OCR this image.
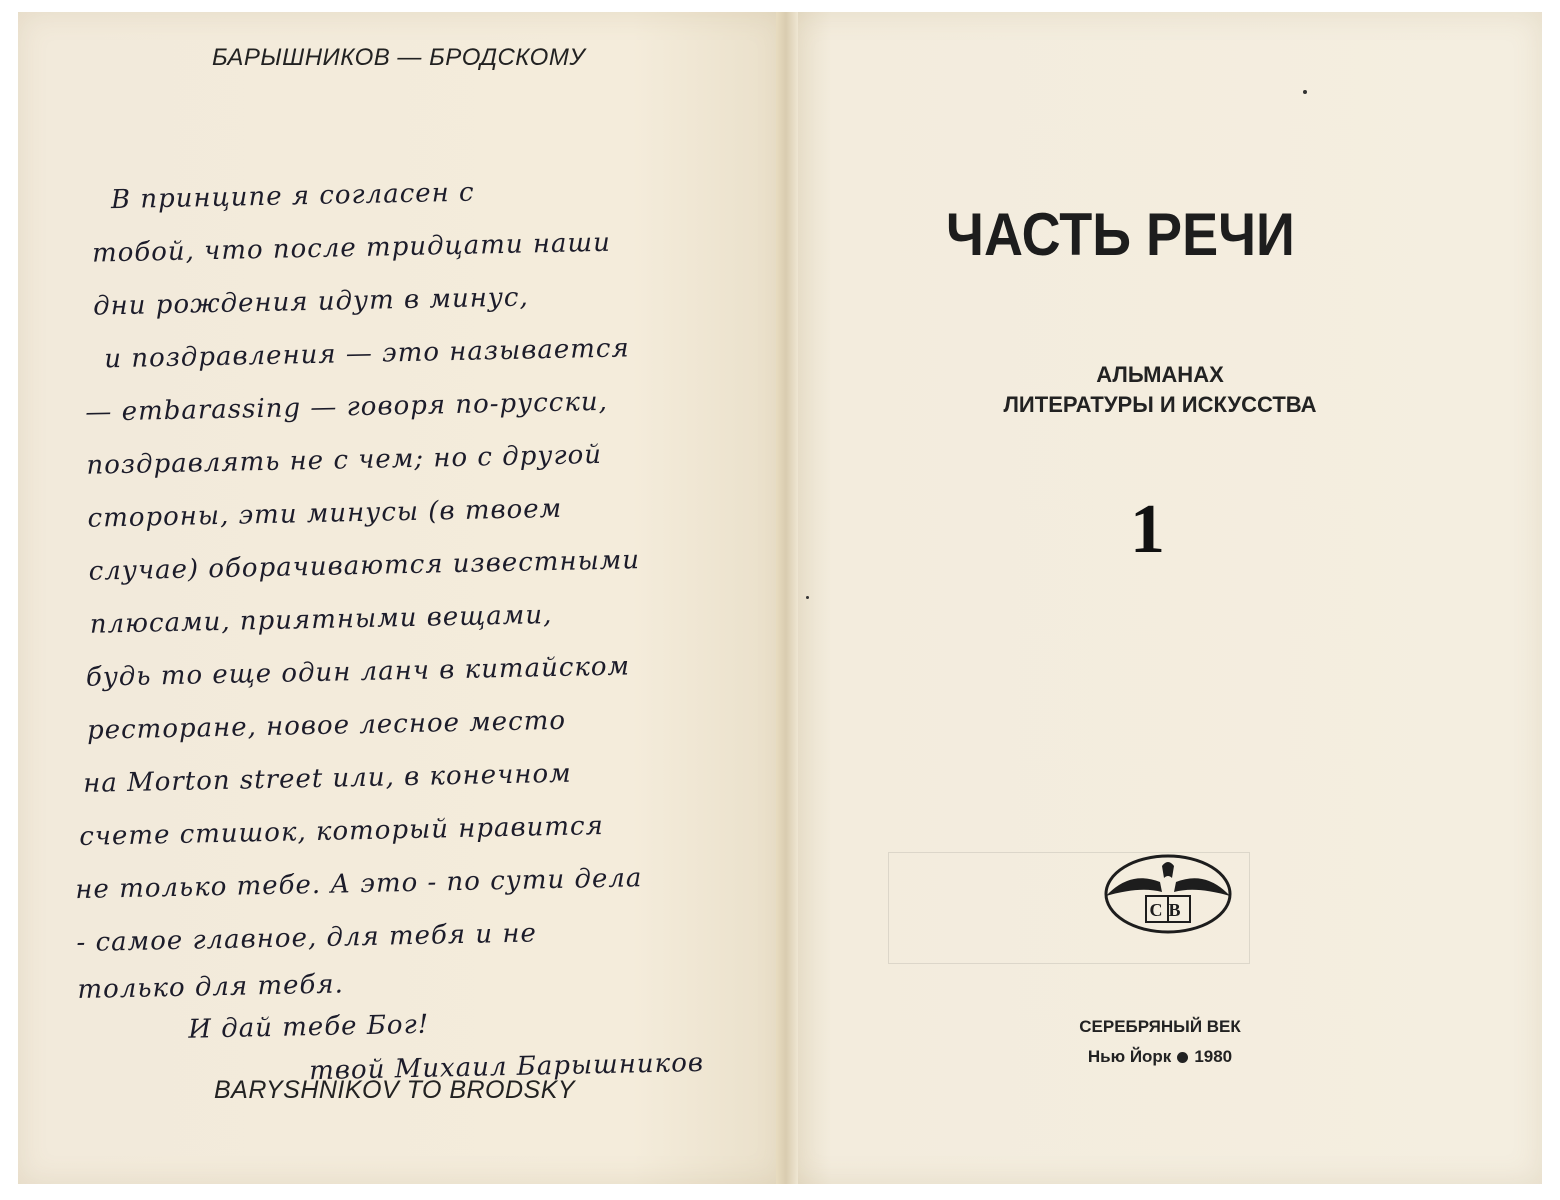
БАРЫШНИКОВ — БРОДСКОМУ
В принципе я согласен с
тобой, что после тридцати наши
дни рождения идут в минус,
и поздравления — это называется
— embarassing — говоря по-русски,
поздравлять не с чем; но с другой
стороны, эти минусы (в твоем
случае) оборачиваются известными
плюсами, приятными вещами,
будь то еще один ланч в китайском
ресторане, новое лесное место
на Morton street или, в конечном
счете стишок, который нравится
не только тебе. А это - по сути дела
- самое главное, для тебя и не
только для тебя.
И дай тебе Бог!
твой Михаил Барышников
BARYSHNIKOV TO BRODSKY
ЧАСТЬ РЕЧИ
АЛЬМАНАХ
ЛИТЕРАТУРЫ И ИСКУССТВА
1
СВ
СЕРЕБРЯНЫЙ ВЕК
Нью Йорк 1980
